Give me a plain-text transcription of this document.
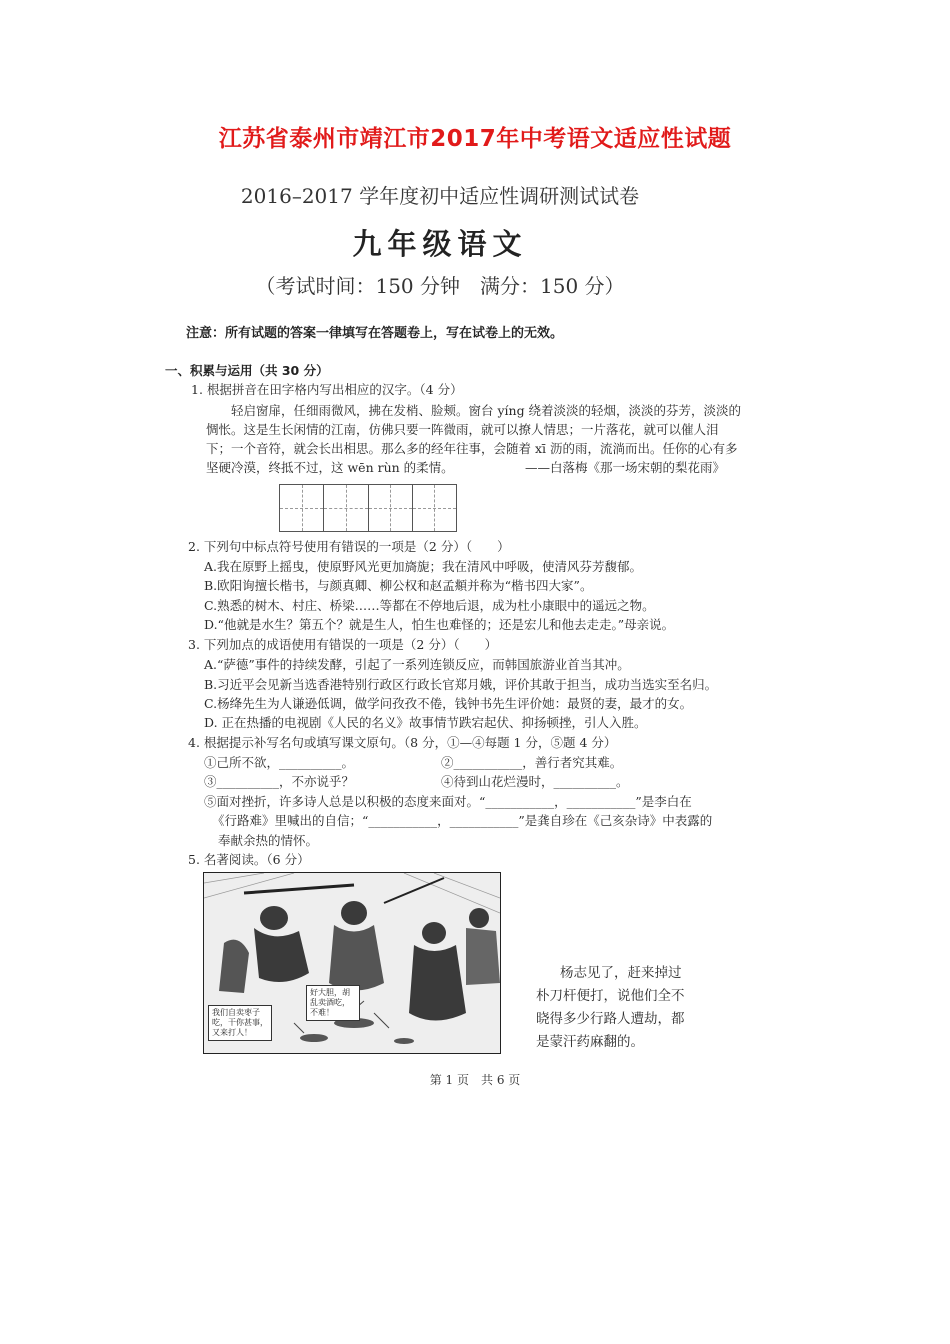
江苏省泰州市靖江市2017年中考语文适应性试题
2016–2017 学年度初中适应性调研测试试卷
九年级语文
（考试时间：150 分钟　满分：150 分）
注意：所有试题的答案一律填写在答题卷上，写在试卷上的无效。
一、积累与运用（共 30 分）
1. 根据拼音在田字格内写出相应的汉字。（4 分）
轻启窗扉，任细雨微风，拂在发梢、脸颊。窗台 yíng 绕着淡淡的轻烟，淡淡的芬芳，淡淡的
惆怅。这是生长闲情的江南，仿佛只要一阵微雨，就可以撩人情思；一片落花，就可以催人泪
下；一个音符，就会长出相思。那么多的经年往事，会随着 xī 沥的雨，流淌而出。任你的心有多
坚硬冷漠，终抵不过，这 wēn rùn 的柔情。	——白落梅《那一场宋朝的梨花雨》
2. 下列句中标点符号使用有错误的一项是（2 分）（　　）
A.我在原野上摇曳，使原野风光更加旖旎；我在清风中呼吸，使清风芬芳馥郁。
B.欧阳询擅长楷书，与颜真卿、柳公权和赵孟頫并称为“楷书四大家”。
C.熟悉的树木、村庄、桥梁……等都在不停地后退，成为杜小康眼中的遥远之物。
D.“他就是水生？第五个？就是生人，怕生也难怪的；还是宏儿和他去走走。”母亲说。
3. 下列加点的成语使用有错误的一项是（2 分）（　　）
A.“萨德”事件的持续发酵，引起了一系列连锁反应，而韩国旅游业首当其冲。
B.习近平会见新当选香港特别行政区行政长官郑月娥，评价其敢于担当，成功当选实至名归。
C.杨绛先生为人谦逊低调，做学问孜孜不倦，钱钟书先生评价她：最贤的妻，最才的女。
D. 正在热播的电视剧《人民的名义》故事情节跌宕起伏、抑扬顿挫，引人入胜。
4. 根据提示补写名句或填写课文原句。（8 分，①—④每题 1 分，⑤题 4 分）
①己所不欲，__________。	②___________，善行者究其难。
③__________，不亦说乎？	④待到山花烂漫时，__________。
⑤面对挫折，许多诗人总是以积极的态度来面对。“___________，___________”是李白在
《行路难》里喊出的自信；“___________，___________”是龚自珍在《己亥杂诗》中表露的
奉献余热的情怀。
5. 名著阅读。（6 分）
我们自卖枣子吃，干你甚事，又来打人！
好大胆，胡乱卖酒吃，不难！
杨志见了，赶来掉过
朴刀杆便打，说他们全不
晓得多少行路人遭劫，都
是蒙汗药麻翻的。
第 1 页　共 6 页
